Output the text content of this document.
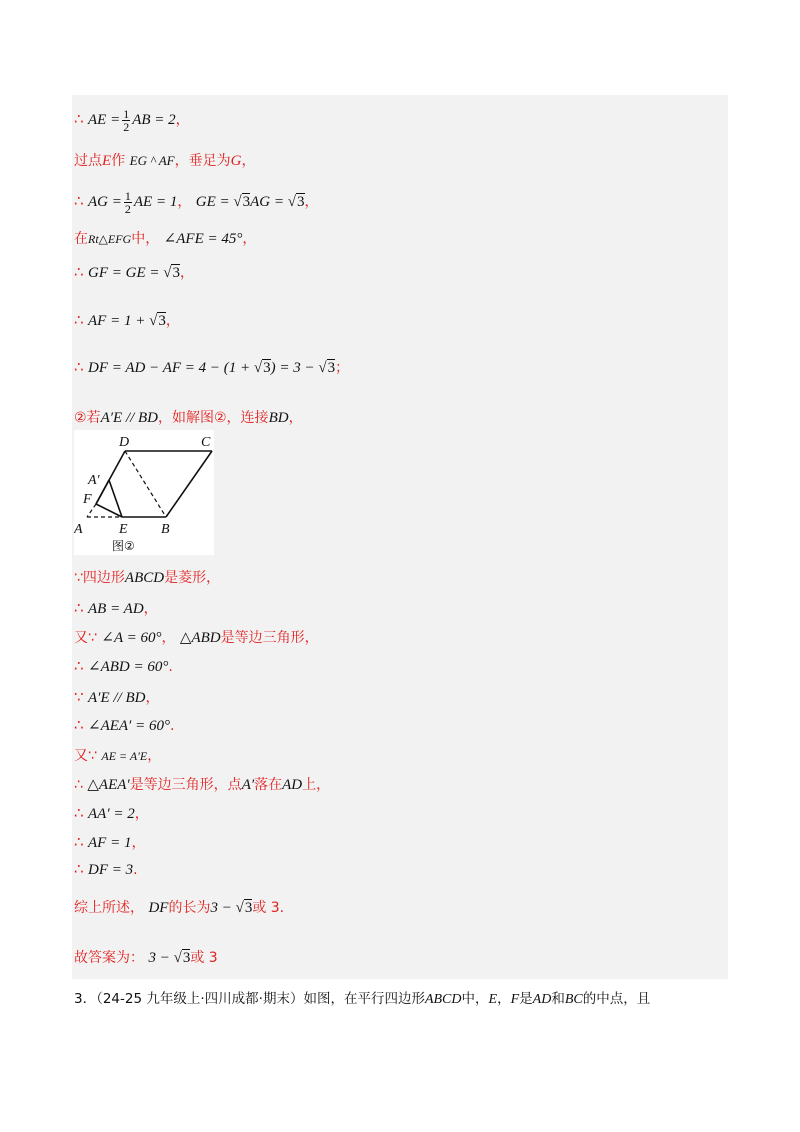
∴ AE = $\frac{1}{2}$ AB = 2，
过点E作 EG ^ AF，垂足为G，
∴ AG = $\frac{1}{2}$ AE = 1， GE = √3AG = √3，
在Rt△EFG中， ∠AFE = 45°，
∴ GF = GE = √3，
∴ AF = 1 + √3，
∴ DF = AD − AF = 4 − (1 + √3) = 3 − √3；
②若A′E // BD，如解图②，连接BD，
D	C
A′
F
A	E B
图②
∵四边形ABCD是菱形，
∴ AB = AD，
又∵ ∠A = 60°， △ABD是等边三角形，
∴ ∠ABD = 60°.
∵ A′E // BD，
∴ ∠AEA′ = 60°.
又∵ AE = A′E，
∴ △AEA′是等边三角形，点A′落在AD上，
∴ AA′ = 2，
∴ AF = 1，
∴ DF = 3.
综上所述， DF的长为3 − √3或 3.
故答案为： 3 − √3或 3
3．（24-25 九年级上·四川成都·期末）如图，在平行四边形ABCD中，E，F是AD和BC的中点，且
